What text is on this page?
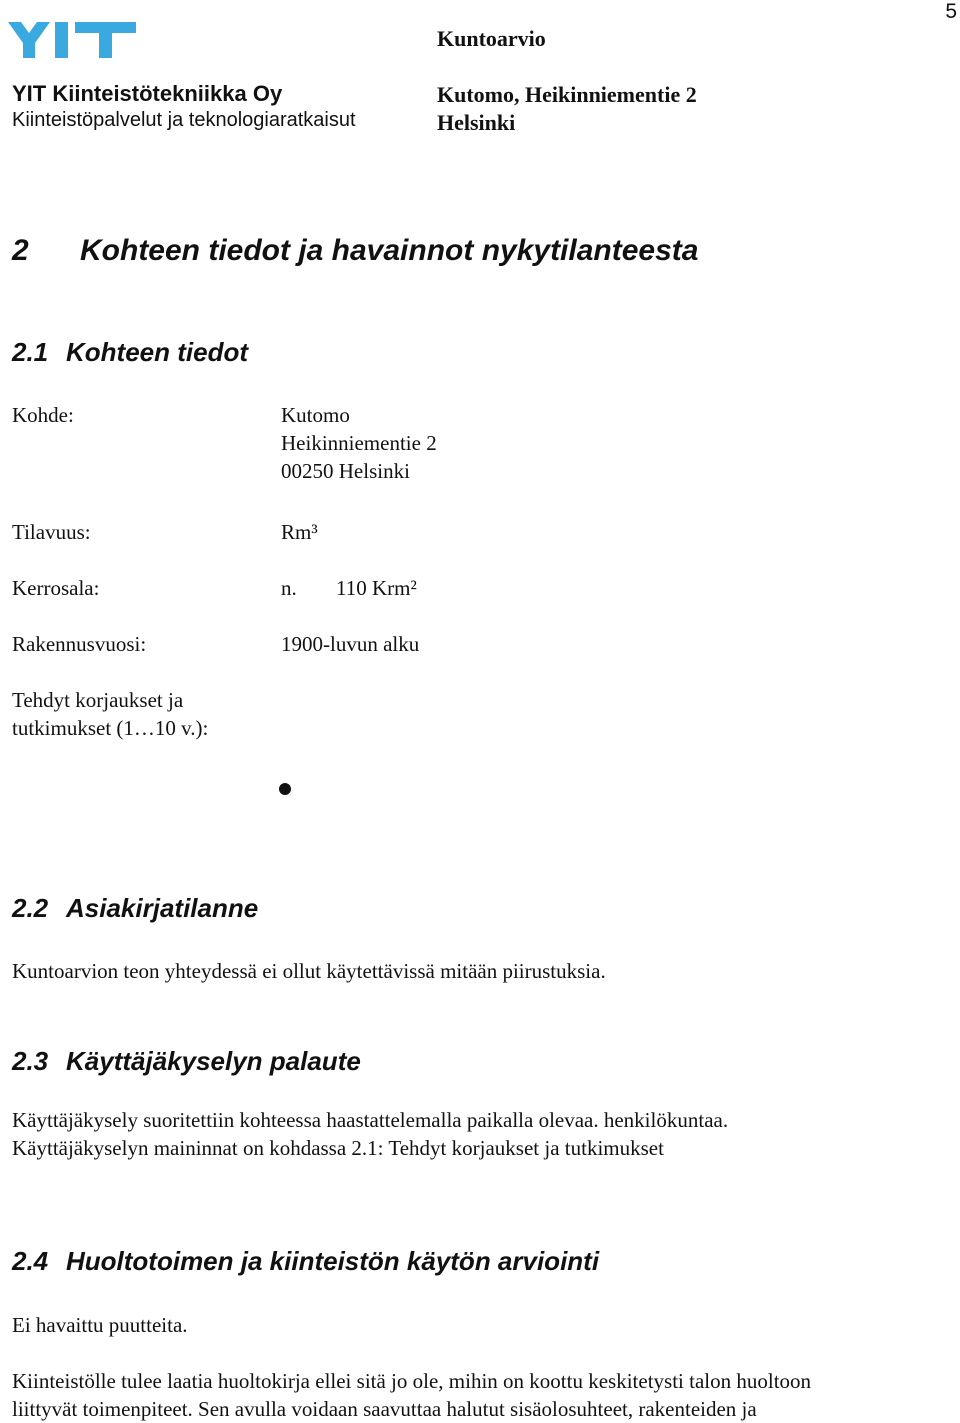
5
Kuntoarvio
YIT Kiinteistötekniikka Oy
Kiinteistöpalvelut ja teknologiaratkaisut
Kutomo, Heikinniementie 2
Helsinki
2 Kohteen tiedot ja havainnot nykytilanteesta
2.1 Kohteen tiedot
Kohde:	Kutomo
Heikinniementie 2
00250 Helsinki
Tilavuus:	Rm³
Kerrosala:	n. 110 Krm²
Rakennusvuosi:	1900-luvun alku
Tehdyt korjaukset ja
tutkimukset (1…10 v.):
2.2 Asiakirjatilanne
Kuntoarvion teon yhteydessä ei ollut käytettävissä mitään piirustuksia.
2.3 Käyttäjäkyselyn palaute
Käyttäjäkysely suoritettiin kohteessa haastattelemalla paikalla olevaa. henkilökuntaa.
Käyttäjäkyselyn maininnat on kohdassa 2.1: Tehdyt korjaukset ja tutkimukset
2.4 Huoltotoimen ja kiinteistön käytön arviointi
Ei havaittu puutteita.
Kiinteistölle tulee laatia huoltokirja ellei sitä jo ole, mihin on koottu keskitetysti talon huoltoon
liittyvät toimenpiteet. Sen avulla voidaan saavuttaa halutut sisäolosuhteet, rakenteiden ja
